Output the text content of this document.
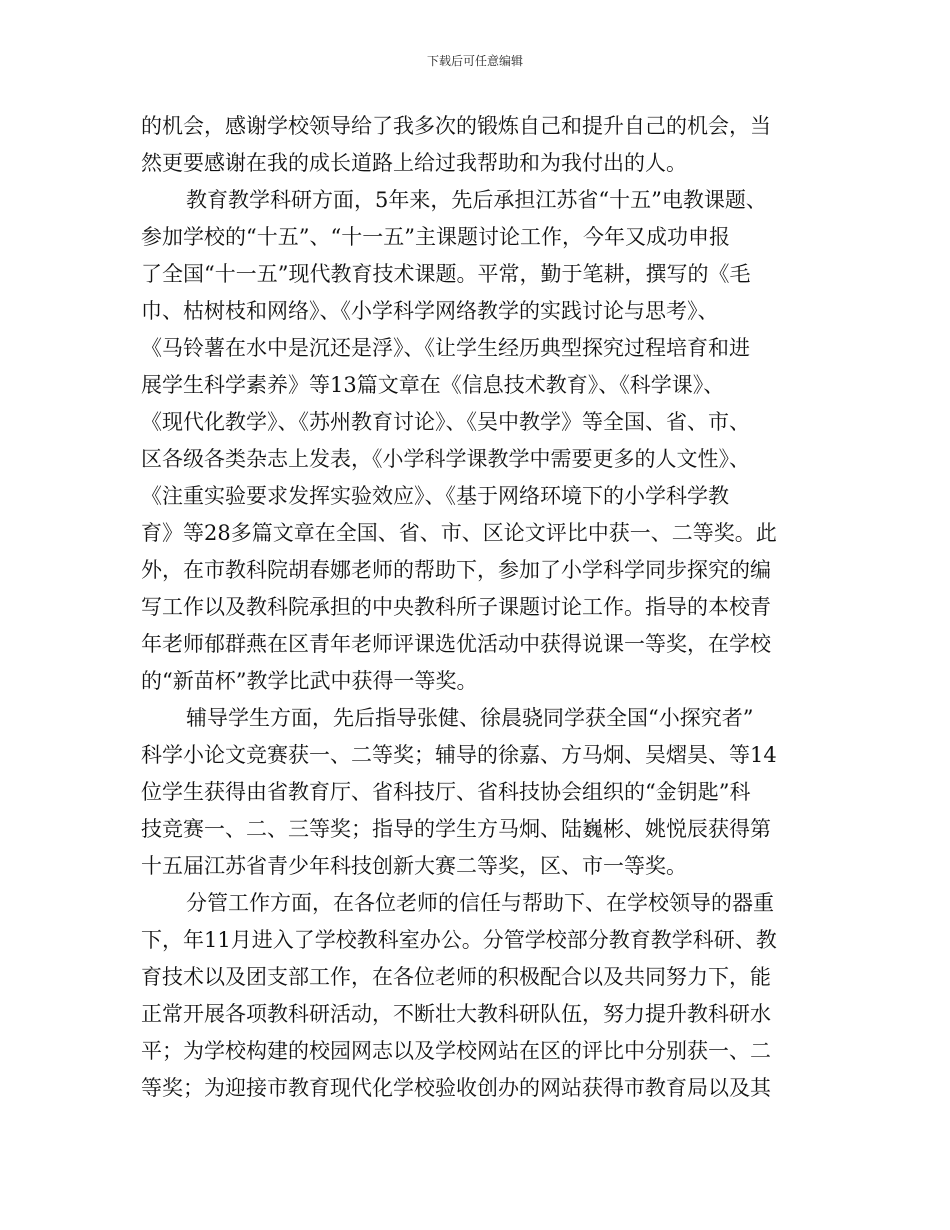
下载后可任意编辑
的机会，感谢学校领导给了我多次的锻炼自己和提升自己的机会，当
然更要感谢在我的成长道路上给过我帮助和为我付出的人。
教育教学科研方面，5年来，先后承担江苏省“十五”电教课题、
参加学校的“十五”、“十一五”主课题讨论工作，今年又成功申报
了全国“十一五”现代教育技术课题。平常，勤于笔耕，撰写的《毛
巾、枯树枝和网络》、《小学科学网络教学的实践讨论与思考》、
《马铃薯在水中是沉还是浮》、《让学生经历典型探究过程培育和进
展学生科学素养》等13篇文章在《信息技术教育》、《科学课》、
《现代化教学》、《苏州教育讨论》、《吴中教学》等全国、省、市、
区各级各类杂志上发表，《小学科学课教学中需要更多的人文性》、
《注重实验要求发挥实验效应》、《基于网络环境下的小学科学教
育》等28多篇文章在全国、省、市、区论文评比中获一、二等奖。此
外，在市教科院胡春娜老师的帮助下，参加了小学科学同步探究的编
写工作以及教科院承担的中央教科所子课题讨论工作。指导的本校青
年老师郁群燕在区青年老师评课选优活动中获得说课一等奖，在学校
的“新苗杯”教学比武中获得一等奖。
辅导学生方面，先后指导张健、徐晨骁同学获全国“小探究者”
科学小论文竞赛获一、二等奖；辅导的徐嘉、方马炯、吴熠昊、等14
位学生获得由省教育厅、省科技厅、省科技协会组织的“金钥匙”科
技竞赛一、二、三等奖；指导的学生方马炯、陆巍彬、姚悦辰获得第
十五届江苏省青少年科技创新大赛二等奖，区、市一等奖。
分管工作方面，在各位老师的信任与帮助下、在学校领导的器重
下，年11月进入了学校教科室办公。分管学校部分教育教学科研、教
育技术以及团支部工作，在各位老师的积极配合以及共同努力下，能
正常开展各项教科研活动，不断壮大教科研队伍，努力提升教科研水
平；为学校构建的校园网志以及学校网站在区的评比中分别获一、二
等奖；为迎接市教育现代化学校验收创办的网站获得市教育局以及其
